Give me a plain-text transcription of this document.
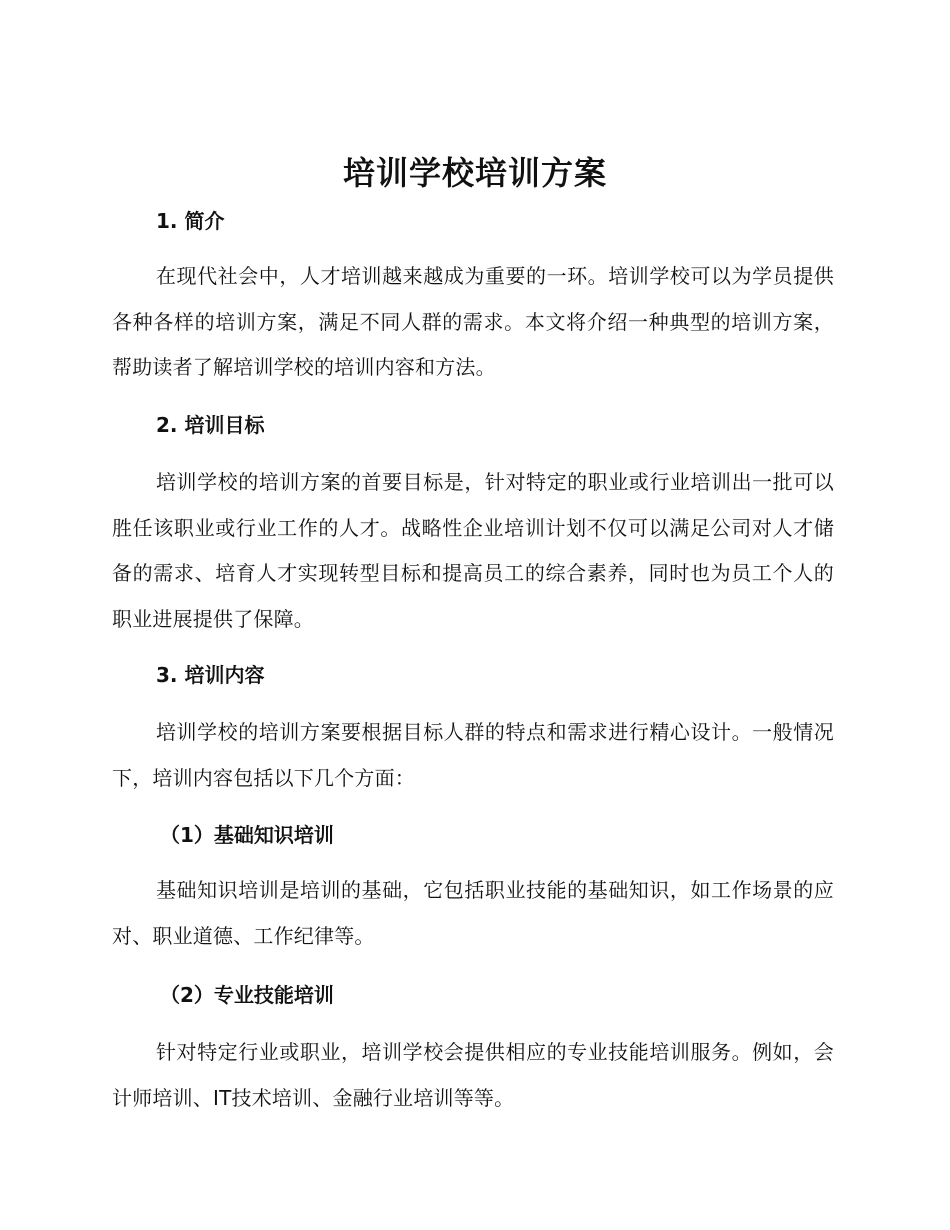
培训学校培训方案
1. 简介

在现代社会中，人才培训越来越成为重要的一环。培训学校可以为学员提供各种各样的培训方案，满足不同人群的需求。本文将介绍一种典型的培训方案，帮助读者了解培训学校的培训内容和方法。

2. 培训目标

培训学校的培训方案的首要目标是，针对特定的职业或行业培训出一批可以胜任该职业或行业工作的人才。战略性企业培训计划不仅可以满足公司对人才储备的需求、培育人才实现转型目标和提高员工的综合素养，同时也为员工个人的职业进展提供了保障。

3. 培训内容

培训学校的培训方案要根据目标人群的特点和需求进行精心设计。一般情况下，培训内容包括以下几个方面：

（1）基础知识培训

基础知识培训是培训的基础，它包括职业技能的基础知识，如工作场景的应对、职业道德、工作纪律等。

（2）专业技能培训

针对特定行业或职业，培训学校会提供相应的专业技能培训服务。例如，会计师培训、IT技术培训、金融行业培训等等。
